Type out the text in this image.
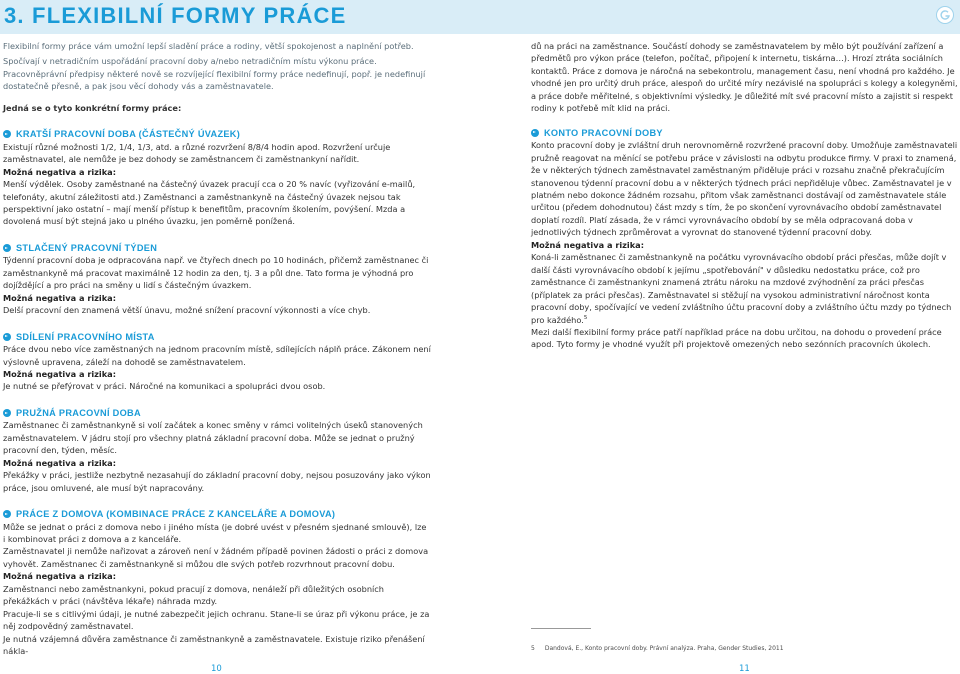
3. FLEXIBILNÍ FORMY PRÁCE

Flexibilní formy práce vám umožní lepší sladění práce a rodiny, větší spokojenost a naplnění potřeb.

Spočívají v netradičním uspořádání pracovní doby a/nebo netradičním místu výkonu práce. Pracovněprávní předpisy některé nově se rozvíjející flexibilní formy práce nedefinují, popř. je nedefinují dostatečně přesně, a pak jsou věcí dohody vás a zaměstnavatele.

Jedná se o tyto konkrétní formy práce:

KRATŠÍ PRACOVNÍ DOBA (ČÁSTEČNÝ ÚVAZEK)

Existují různé možnosti 1/2, 1/4, 1/3, atd. a různé rozvržení 8/8/4 hodin apod. Rozvržení určuje zaměstnavatel, ale nemůže je bez dohody se zaměstnancem či zaměstnankyní nařídit.

Možná negativa a rizika:

Menší výdělek. Osoby zaměstnané na částečný úvazek pracují cca o 20 % navíc (vyřizování e-mailů, telefonáty, akutní záležitosti atd.) Zaměstnanci a zaměstnankyně na částečný úvazek nejsou tak perspektivní jako ostatní – mají menší přístup k benefitům, pracovním školením, povýšení. Mzda a dovolená musí být stejná jako u plného úvazku, jen poměrně ponížená.

STLAČENÝ PRACOVNÍ TÝDEN

Týdenní pracovní doba je odpracována např. ve čtyřech dnech po 10 hodinách, přičemž zaměstnanec či zaměstnankyně má pracovat maximálně 12 hodin za den, tj. 3 a půl dne. Tato forma je výhodná pro dojíždějící a pro práci na směny u lidí s částečným úvazkem.

Možná negativa a rizika:

Delší pracovní den znamená větší únavu, možné snížení pracovní výkonnosti a více chyb.

SDÍLENÍ PRACOVNÍHO MÍSTA

Práce dvou nebo více zaměstnaných na jednom pracovním místě, sdílejících náplň práce. Zákonem není výslovně upravena, záleží na dohodě se zaměstnavatelem.

Možná negativa a rizika:

Je nutné se přefýrovat v práci. Náročné na komunikaci a spolupráci dvou osob.

PRUŽNÁ PRACOVNÍ DOBA

Zaměstnanec či zaměstnankyně si volí začátek a konec směny v rámci volitelných úseků stanovených zaměstnavatelem. V jádru stojí pro všechny platná základní pracovní doba. Může se jednat o pružný pracovní den, týden, měsíc.

Možná negativa a rizika:

Překážky v práci, jestliže nezbytně nezasahují do základní pracovní doby, nejsou posuzovány jako výkon práce, jsou omluvené, ale musí být napracovány.

PRÁCE Z DOMOVA (KOMBINACE PRÁCE Z KANCELÁŘE A DOMOVA)

Může se jednat o práci z domova nebo i jiného místa (je dobré uvést v přesném sjednané smlouvě), lze i kombinovat práci z domova a z kanceláře.

Zaměstnavatel ji nemůže nařizovat a zároveň není v žádném případě povinen žádosti o práci z domova vyhovět. Zaměstnanec či zaměstnankyně si můžou dle svých potřeb rozvrhnout pracovní dobu.

Možná negativa a rizika:

Zaměstnanci nebo zaměstnankyni, pokud pracují z domova, nenáleží při důležitých osobních překážkách v práci (návštěva lékaře) náhrada mzdy.

Pracuje-li se s citlivými údaji, je nutné zabezpečit jejich ochranu. Stane-li se úraz při výkonu práce, je za něj zodpovědný zaměstnavatel.

Je nutná vzájemná důvěra zaměstnance či zaměstnankyně a zaměstnavatele. Existuje riziko přenášení nákla-

dů na práci na zaměstnance. Součástí dohody se zaměstnavatelem by mělo být používání zařízení a předmětů pro výkon práce (telefon, počítač, připojení k internetu, tiskárna…). Hrozí ztráta sociálních kontaktů. Práce z domova je náročná na sebekontrolu, management času, není vhodná pro každého. Je vhodné jen pro určitý druh práce, alespoň do určité míry nezávislé na spolupráci s kolegy a kolegyněmi, a práce dobře měřitelné, s objektivními výsledky. Je důležité mít své pracovní místo a zajistit si respekt rodiny k potřebě mít klid na práci.

KONTO PRACOVNÍ DOBY

Konto pracovní doby je zvláštní druh nerovnoměrně rozvržené pracovní doby. Umožňuje zaměstnavateli pružně reagovat na měnící se potřebu práce v závislosti na odbytu produkce firmy. V praxi to znamená, že v některých týdnech zaměstnavatel zaměstnaným přiděluje práci v rozsahu značně překračujícím stanovenou týdenní pracovní dobu a v některých týdnech práci nepřiděluje vůbec. Zaměstnavatel je v platném nebo dokonce žádném rozsahu, přitom však zaměstnanci dostávají od zaměstnavatele stále určitou (předem dohodnutou) část mzdy s tím, že po skončení vyrovnávacího období zaměstnavatel doplatí rozdíl. Platí zásada, že v rámci vyrovnávacího období by se měla odpracovaná doba v jednotlivých týdnech zprůměrovat a vyrovnat do stanovené týdenní pracovní doby.

Možná negativa a rizika:

Koná-li zaměstnanec či zaměstnankyně na počátku vyrovnávacího období práci přesčas, může dojít v další části vyrovnávacího období k jejímu „spotřebování" v důsledku nedostatku práce, což pro zaměstnance či zaměstnankyni znamená ztrátu nároku na mzdové zvýhodnění za práci přesčas (příplatek za práci přesčas). Zaměstnavatel si stěžují na vysokou administrativní náročnost konta pracovní doby, spočívající ve vedení zvláštního účtu pracovní doby a zvláštního účtu mzdy po týdnech pro každého.$^5$

Mezi další flexibilní formy práce patří například práce na dobu určitou, na dohodu o provedení práce apod. Tyto formy je vhodné využít při projektově omezených nebo sezónních pracovních úkolech.

5 Dandová, E., Konto pracovní doby. Právní analýza. Praha, Gender Studies, 2011
10	11
